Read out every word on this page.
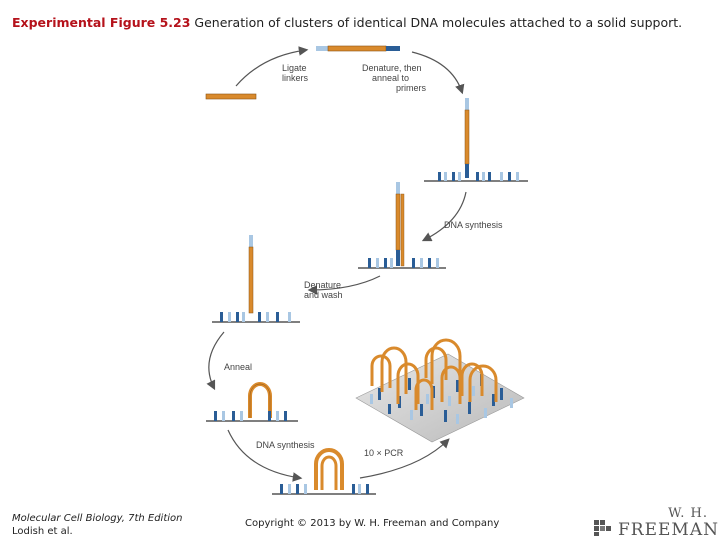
Experimental Figure 5.23 Generation of clusters of identical DNA molecules attached to a solid support.
Ligate
linkers
Denature, then
anneal to
primers
DNA synthesis
Denature
and wash
Anneal
DNA synthesis
10 × PCR
Molecular Cell Biology, 7th Edition
Lodish et al.
Copyright © 2013 by W. H. Freeman and Company
W. H.
FREEMAN
